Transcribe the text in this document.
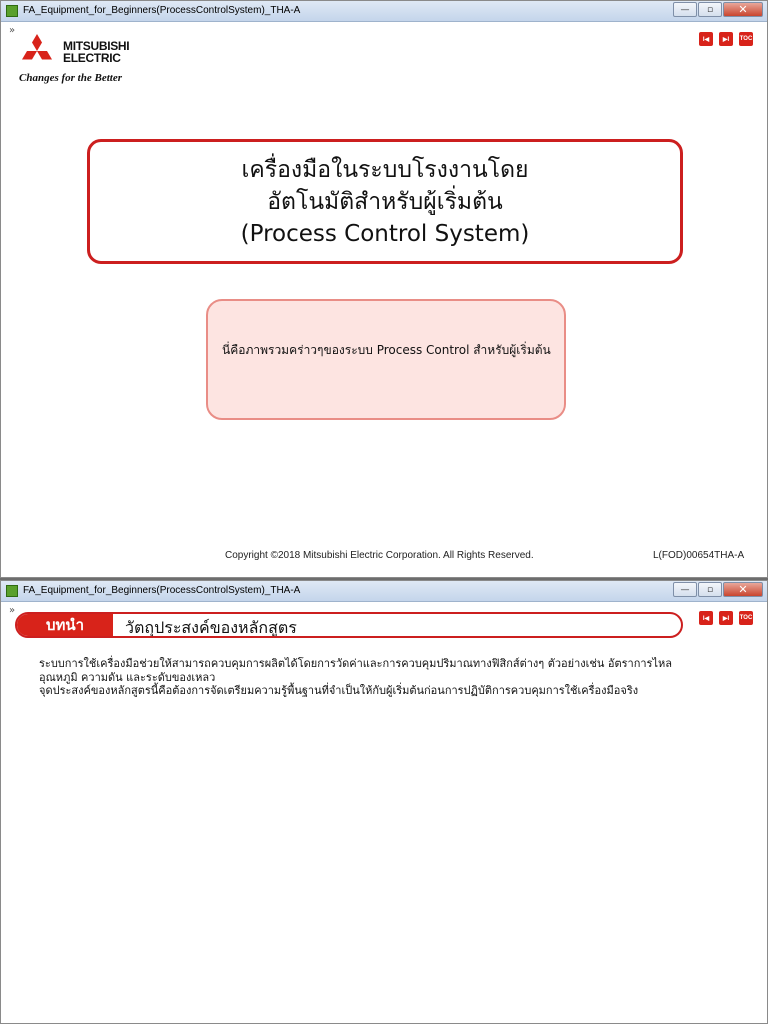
FA_Equipment_for_Beginners(ProcessControlSystem)_THA-A	—	▫	✕
»
I◀	▶I	TOC
MITSUBISHI
ELECTRIC
Changes for the Better
เครื่องมือในระบบโรงงานโดย
อัตโนมัติสำหรับผู้เริ่มต้น
(Process Control System)
นี่คือภาพรวมคร่าวๆของระบบ Process Control สำหรับผู้เริ่มต้น
Copyright ©2018 Mitsubishi Electric Corporation. All Rights Reserved.	L(FOD)00654THA-A
FA_Equipment_for_Beginners(ProcessControlSystem)_THA-A	—	▫	✕
»
I◀	▶I	TOC
บทนำ	วัตถุประสงค์ของหลักสูตร
ระบบการใช้เครื่องมือช่วยให้สามารถควบคุมการผลิตได้โดยการวัดค่าและการควบคุมปริมาณทางฟิสิกส์ต่างๆ ตัวอย่างเช่น อัตราการไหล
อุณหภูมิ ความดัน และระดับของเหลว
จุดประสงค์ของหลักสูตรนี้คือต้องการจัดเตรียมความรู้พื้นฐานที่จำเป็นให้กับผู้เริ่มต้นก่อนการปฏิบัติการควบคุมการใช้เครื่องมือจริง
